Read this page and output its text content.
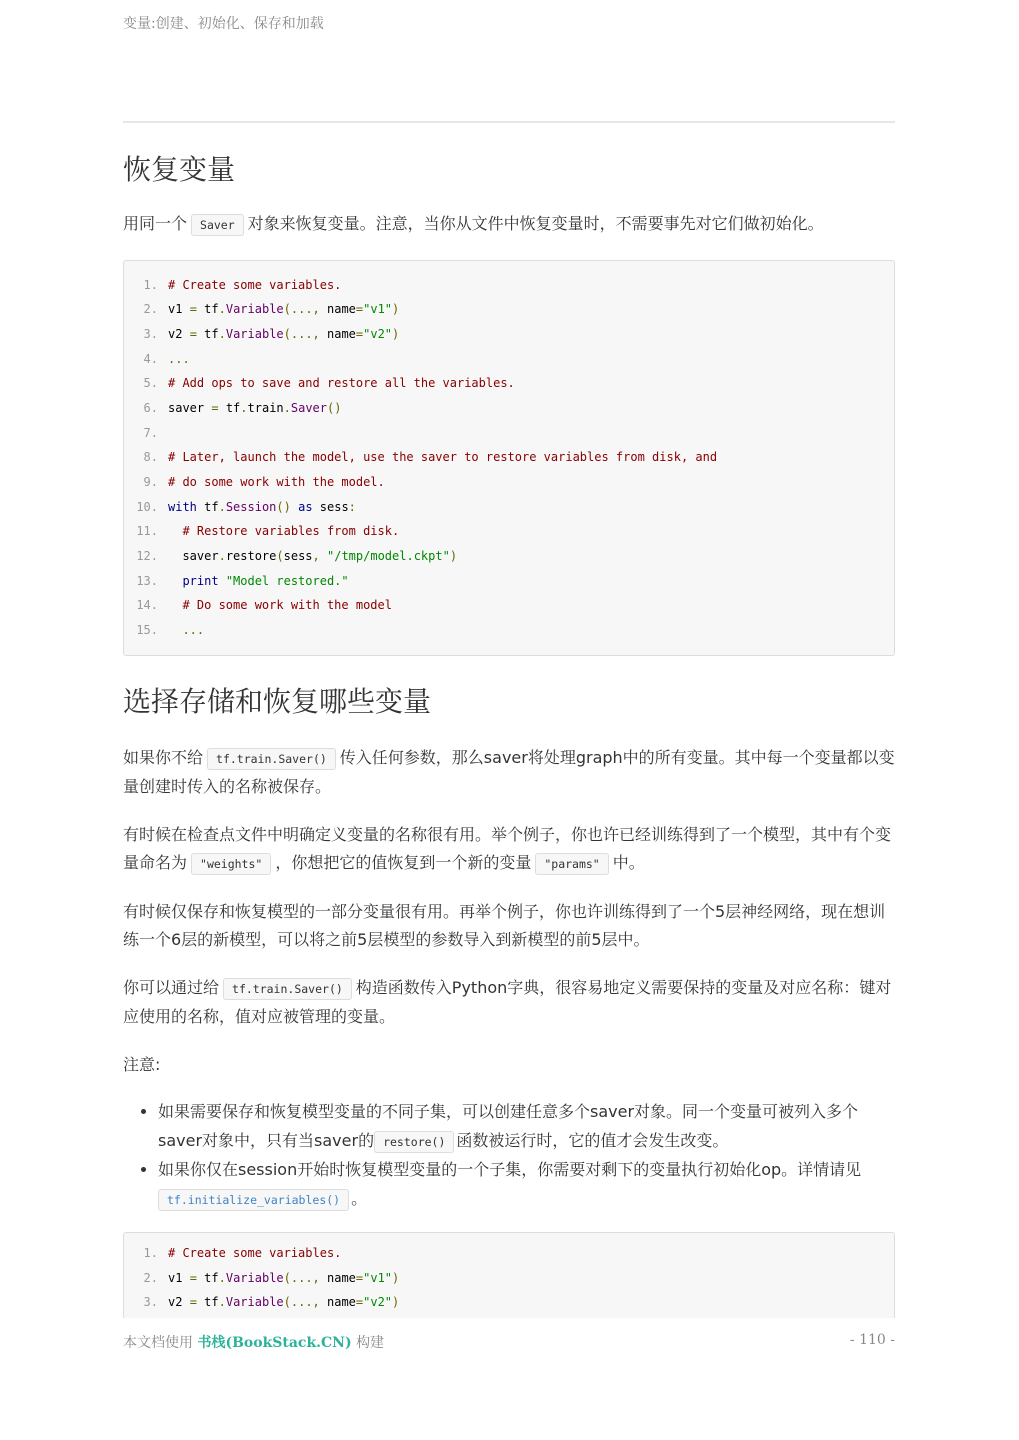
变量:创建、初始化、保存和加载
恢复变量

用同一个 Saver 对象来恢复变量。注意，当你从文件中恢复变量时，不需要事先对它们做初始化。

1. # Create some variables.
2. v1 = tf.Variable(..., name="v1")
3. v2 = tf.Variable(..., name="v2")
4. ...
5. # Add ops to save and restore all the variables.
6. saver = tf.train.Saver()
7.
8. # Later, launch the model, use the saver to restore variables from disk, and
9. # do some work with the model.
10. with tf.Session() as sess:
11.	# Restore variables from disk.
12. saver.restore(sess, "/tmp/model.ckpt")
13.	print "Model restored."
14.	# Do some work with the model
15.	...
选择存储和恢复哪些变量

如果你不给 tf.train.Saver() 传入任何参数，那么saver将处理graph中的所有变量。其中每一个变量都以变量创建时传入的名称被保存。

有时候在检查点文件中明确定义变量的名称很有用。举个例子，你也许已经训练得到了一个模型，其中有个变量命名为 "weights" ，你想把它的值恢复到一个新的变量 "params" 中。

有时候仅保存和恢复模型的一部分变量很有用。再举个例子，你也许训练得到了一个5层神经网络，现在想训练一个6层的新模型，可以将之前5层模型的参数导入到新模型的前5层中。

你可以通过给 tf.train.Saver() 构造函数传入Python字典，很容易地定义需要保持的变量及对应名称：键对应使用的名称，值对应被管理的变量。

注意:

• 如果需要保存和恢复模型变量的不同子集，可以创建任意多个saver对象。同一个变量可被列入多个saver对象中，只有当saver的 restore() 函数被运行时，它的值才会发生改变。
• 如果你仅在session开始时恢复模型变量的一个子集，你需要对剩下的变量执行初始化op。详情请见tf.initialize_variables() 。
1. # Create some variables.
2. v1 = tf.Variable(..., name="v1")
3. v2 = tf.Variable(..., name="v2")
本文档使用 书栈(BookStack.CN) 构建	- 110 -
